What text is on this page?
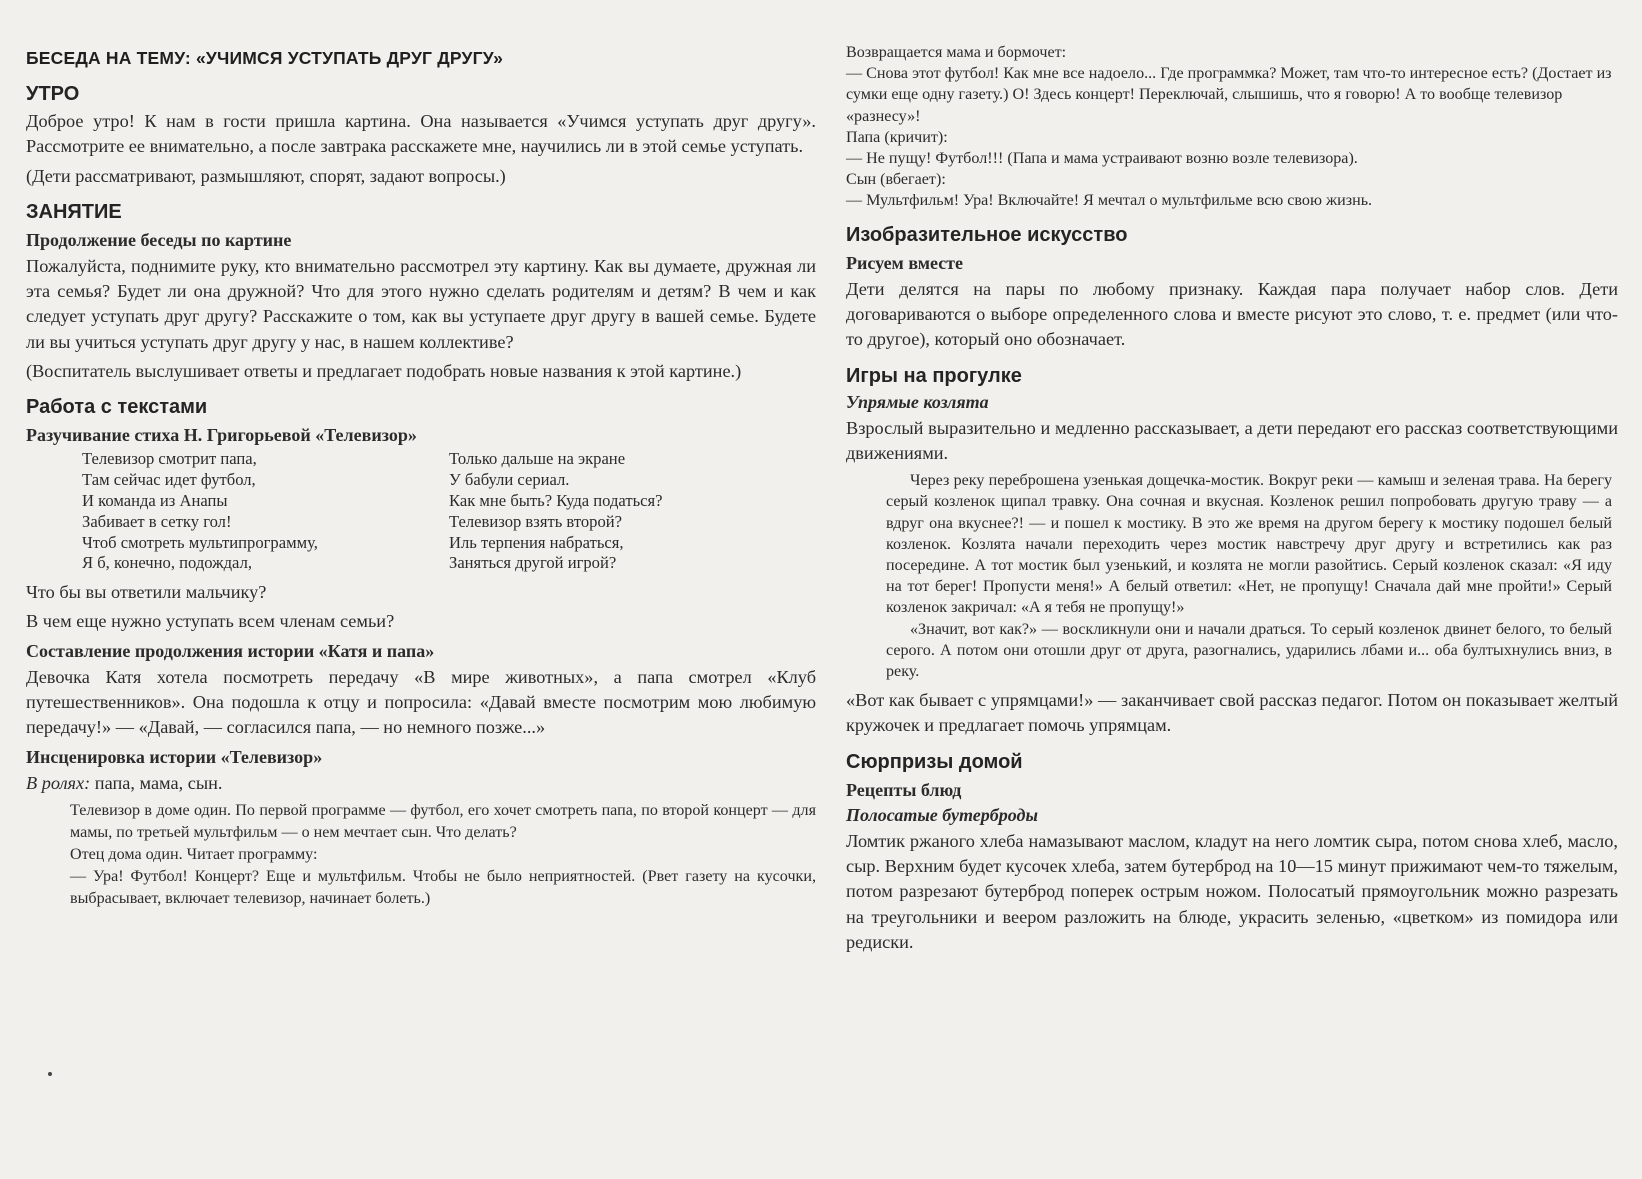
БЕСЕДА НА ТЕМУ: «УЧИМСЯ УСТУПАТЬ ДРУГ ДРУГУ»
УТРО

Доброе утро! К нам в гости пришла картина. Она называется «Учимся уступать друг другу». Рассмотрите ее внимательно, а после завтрака расскажете мне, научились ли в этой семье уступать.

(Дети рассматривают, размышляют, спорят, задают вопросы.)

ЗАНЯТИЕ
Продолжение беседы по картине

Пожалуйста, поднимите руку, кто внимательно рассмотрел эту картину. Как вы думаете, дружная ли эта семья? Будет ли она дружной? Что для этого нужно сделать родителям и детям? В чем и как следует уступать друг другу? Расскажите о том, как вы уступаете друг другу в вашей семье. Будете ли вы учиться уступать друг другу у нас, в нашем коллективе?

(Воспитатель выслушивает ответы и предлагает подобрать новые названия к этой картине.)

Работа с текстами
Разучивание стиха Н. Григорьевой «Телевизор»
Телевизор смотрит папа,
Там сейчас идет футбол,
И команда из Анапы
Забивает в сетку гол!
Чтоб смотреть мультипрограмму,
Я б, конечно, подождал,
Только дальше на экране
У бабули сериал.
Как мне быть? Куда податься?
Телевизор взять второй?
Иль терпения набраться,
Заняться другой игрой?

Что бы вы ответили мальчику?

В чем еще нужно уступать всем членам семьи?

Составление продолжения истории «Катя и папа»

Девочка Катя хотела посмотреть передачу «В мире животных», а папа смотрел «Клуб путешественников». Она подошла к отцу и попросила: «Давай вместе посмотрим мою любимую передачу!» — «Давай, — согласился папа, — но немного позже...»

Инсценировка истории «Телевизор»

В ролях: папа, мама, сын.

Телевизор в доме один. По первой программе — футбол, его хочет смотреть папа, по второй концерт — для мамы, по третьей мультфильм — о нем мечтает сын. Что делать?
Отец дома один. Читает программу:
— Ура! Футбол! Концерт? Еще и мультфильм. Чтобы не было неприятностей. (Рвет газету на кусочки, выбрасывает, включает телевизор, начинает болеть.)
Возвращается мама и бормочет:
— Снова этот футбол! Как мне все надоело... Где программка? Может, там что-то интересное есть? (Достает из сумки еще одну газету.) О! Здесь концерт! Переключай, слышишь, что я говорю! А то вообще телевизор «разнесу»!
Папа (кричит):
— Не пущу! Футбол!!! (Папа и мама устраивают возню возле телевизора).
Сын (вбегает):
— Мультфильм! Ура! Включайте! Я мечтал о мультфильме всю свою жизнь.
Изобразительное искусство
Рисуем вместе

Дети делятся на пары по любому признаку. Каждая пара получает набор слов. Дети договариваются о выборе определенного слова и вместе рисуют это слово, т. е. предмет (или что-то другое), который оно обозначает.

Игры на прогулке
Упрямые козлята

Взрослый выразительно и медленно рассказывает, а дети передают его рассказ соответствующими движениями.

Через реку переброшена узенькая дощечка-мостик. Вокруг реки — камыш и зеленая трава. На берегу серый козленок щипал травку. Она сочная и вкусная. Козленок решил попробовать другую траву — а вдруг она вкуснее?! — и пошел к мостику. В это же время на другом берегу к мостику подошел белый козленок. Козлята начали переходить через мостик навстречу друг другу и встретились как раз посередине. А тот мостик был узенький, и козлята не могли разойтись. Серый козленок сказал: «Я иду на тот берег! Пропусти меня!» А белый ответил: «Нет, не пропущу! Сначала дай мне пройти!» Серый козленок закричал: «А я тебя не пропущу!»

«Значит, вот как?» — воскликнули они и начали драться. То серый козленок двинет белого, то белый серого. А потом они отошли друг от друга, разогнались, ударились лбами и... оба бултыхнулись вниз, в реку.

«Вот как бывает с упрямцами!» — заканчивает свой рассказ педагог. Потом он показывает желтый кружочек и предлагает помочь упрямцам.

Сюрпризы домой
Рецепты блюд
Полосатые бутерброды

Ломтик ржаного хлеба намазывают маслом, кладут на него ломтик сыра, потом снова хлеб, масло, сыр. Верхним будет кусочек хлеба, затем бутерброд на 10—15 минут прижимают чем-то тяжелым, потом разрезают бутерброд поперек острым ножом. Полосатый прямоугольник можно разрезать на треугольники и веером разложить на блюде, украсить зеленью, «цветком» из помидора или редиски.
